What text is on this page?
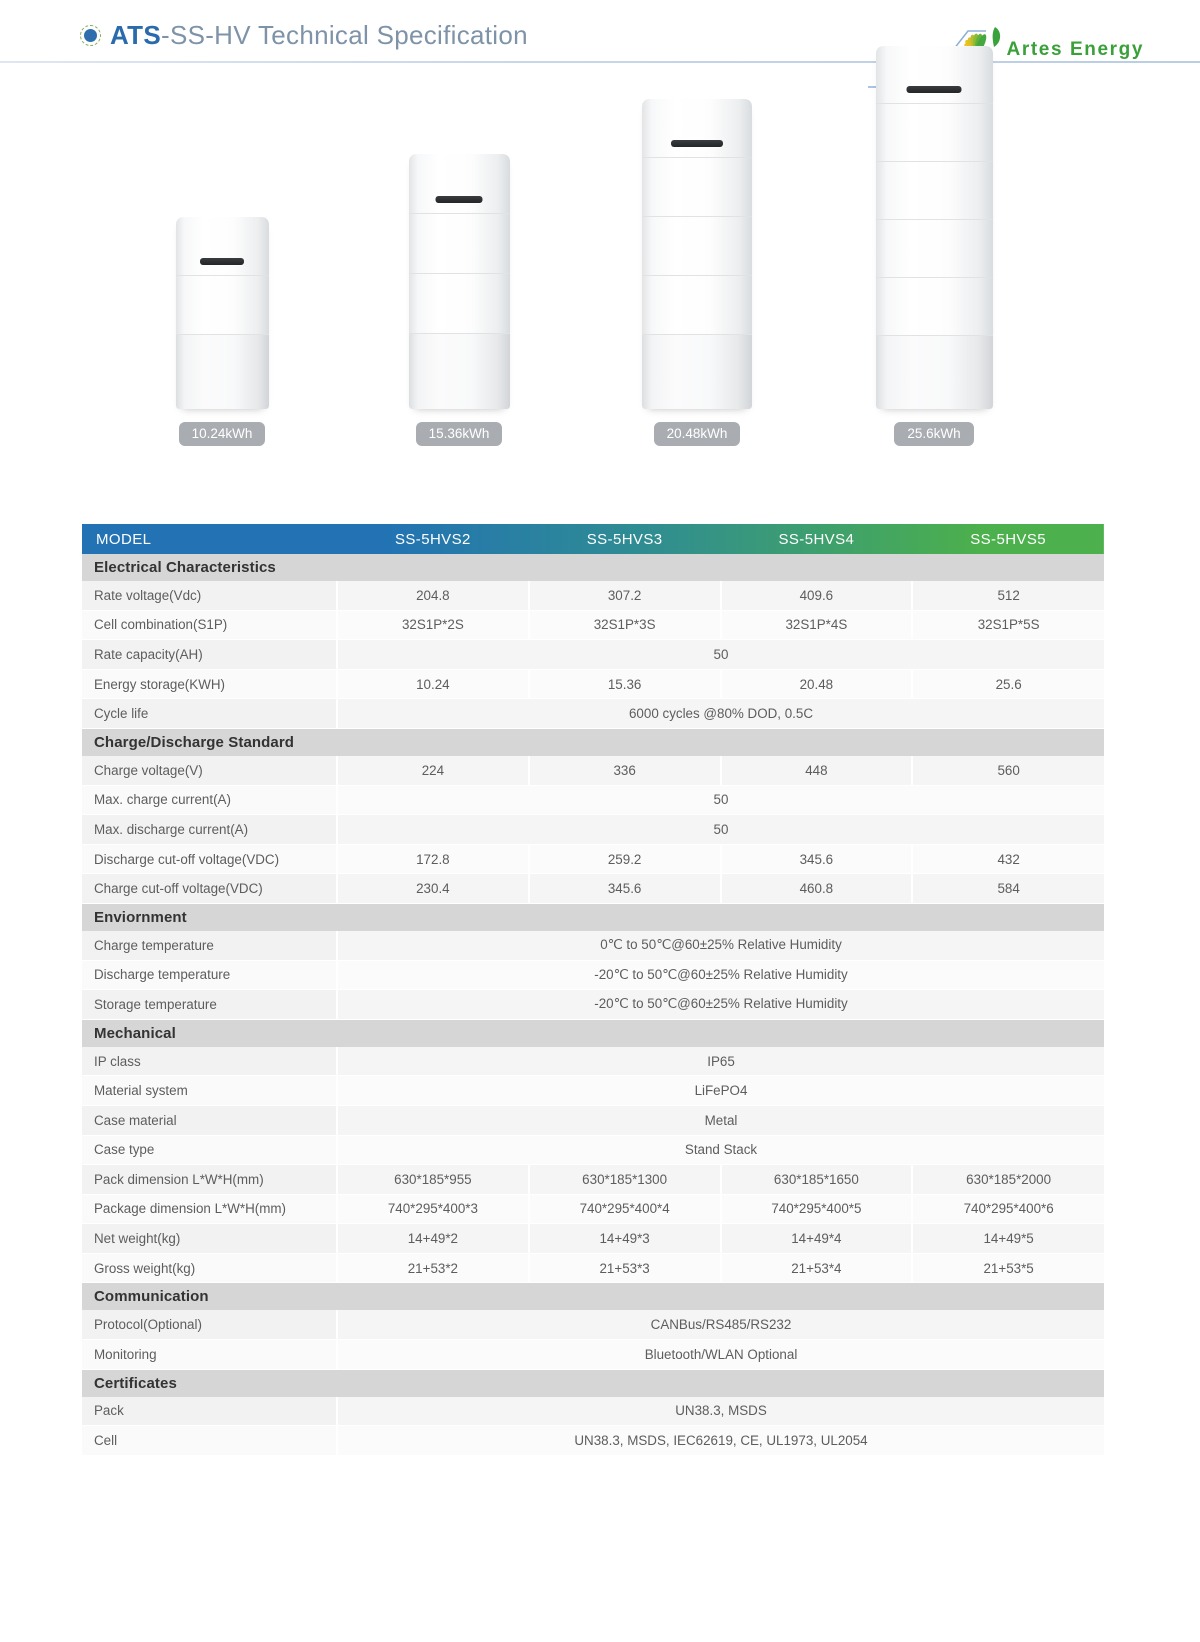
ATS-SS-HV Technical Specification	Artes Energy
10.24kWh	15.36kWh	20.48kWh	25.6kWh
MODEL	SS-5HVS2	SS-5HVS3	SS-5HVS4	SS-5HVS5
Electrical Characteristics				
Rate voltage(Vdc)	204.8	307.2	409.6	512
Cell combination(S1P)	32S1P*2S	32S1P*3S	32S1P*4S	32S1P*5S
Rate capacity(AH)	50			
Energy storage(KWH)	10.24	15.36	20.48	25.6
Cycle life	6000 cycles @80% DOD, 0.5C			
Charge/Discharge Standard				
Charge voltage(V)	224	336	448	560
Max. charge current(A)	50			
Max. discharge current(A)	50			
Discharge cut-off voltage(VDC)	172.8	259.2	345.6	432
Charge cut-off voltage(VDC)	230.4	345.6	460.8	584
Enviornment				
Charge temperature	0℃ to 50℃@60±25% Relative Humidity			
Discharge temperature	-20℃ to 50℃@60±25% Relative Humidity			
Storage temperature	-20℃ to 50℃@60±25% Relative Humidity			
Mechanical				
IP class	IP65			
Material system	LiFePO4			
Case material	Metal			
Case type	Stand Stack			
Pack dimension L*W*H(mm)	630*185*955	630*185*1300	630*185*1650	630*185*2000
Package dimension L*W*H(mm)	740*295*400*3	740*295*400*4	740*295*400*5	740*295*400*6
Net weight(kg)	14+49*2	14+49*3	14+49*4	14+49*5
Gross weight(kg)	21+53*2	21+53*3	21+53*4	21+53*5
Communication				
Protocol(Optional)	CANBus/RS485/RS232			
Monitoring	Bluetooth/WLAN Optional			
Certificates				
Pack	UN38.3, MSDS			
Cell	UN38.3, MSDS, IEC62619, CE, UL1973, UL2054			
